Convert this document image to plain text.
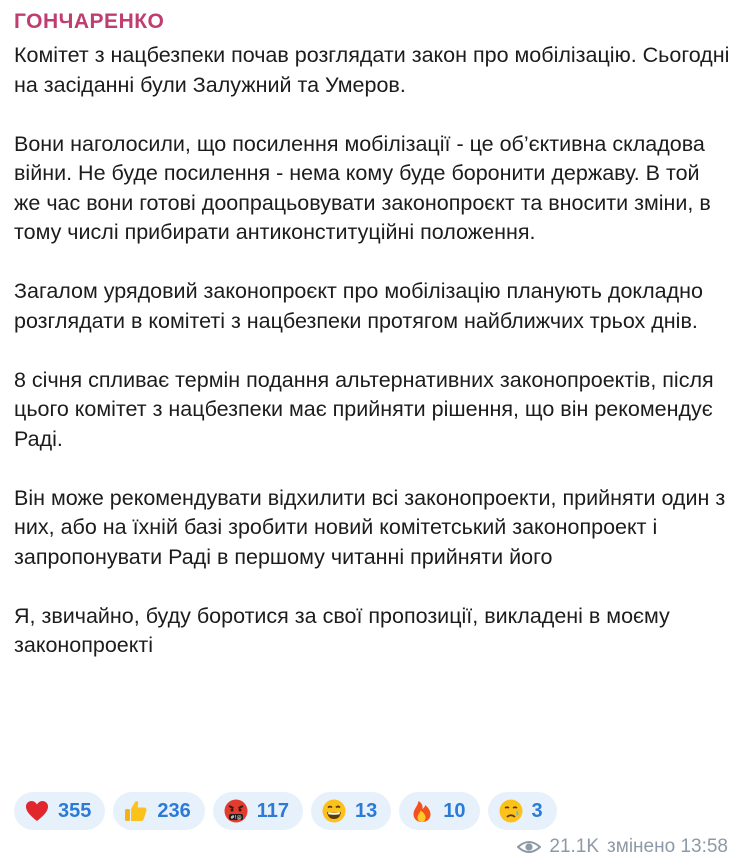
ГОНЧАРЕНКО

Комітет з нацбезпеки почав розглядати закон про мобілізацію. Сьогодні на засіданні були Залужний та Умеров.

Вони наголосили, що посилення мобілізації - це об’єктивна складова війни. Не буде посилення - нема кому буде боронити державу. В той же час вони готові доопрацьовувати законопроєкт та вносити зміни, в тому числі прибирати антиконституційні положення.

Загалом урядовий законопроєкт про мобілізацію планують докладно розглядати в комітеті з нацбезпеки протягом найближчих трьох днів.

8 січня спливає термін подання альтернативних законопроектів, після цього комітет з нацбезпеки має прийняти рішення, що він рекомендує Раді.

Він може рекомендувати відхилити всі законопроекти, прийняти один з них, або на їхній базі зробити новий комітетський законопроект і запропонувати Раді в першому читанні прийняти його

Я, звичайно, буду боротися за свої пропозиції, викладені в моєму законопроекті

355	236	#!@ 117	13	10	3
21.1K змінено 13:58
